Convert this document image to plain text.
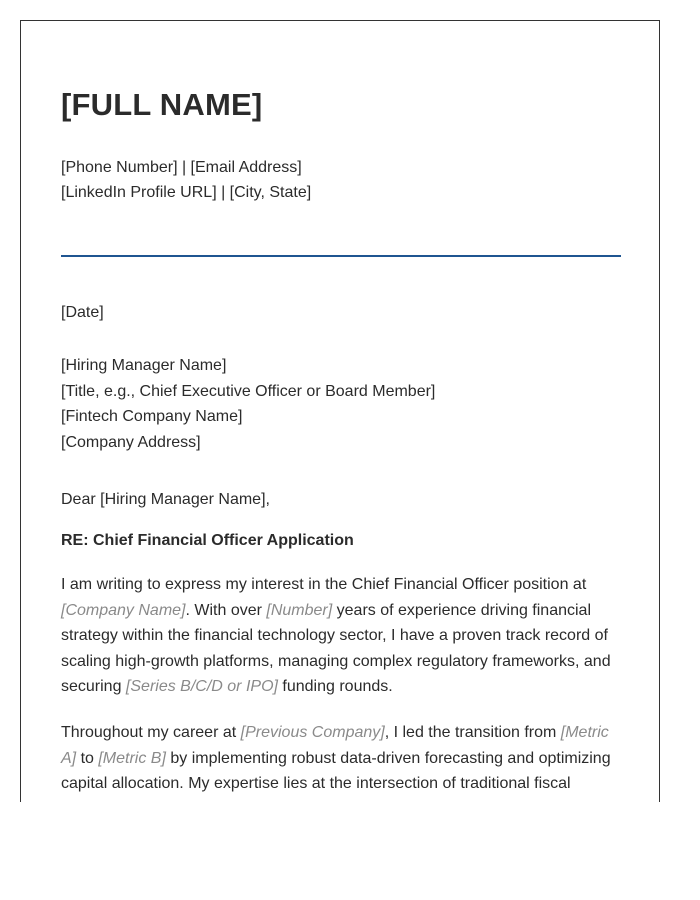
[FULL NAME]
[Phone Number] | [Email Address]
[LinkedIn Profile URL] | [City, State]
[Date]
[Hiring Manager Name]
[Title, e.g., Chief Executive Officer or Board Member]
[Fintech Company Name]
[Company Address]
Dear [Hiring Manager Name],
RE: Chief Financial Officer Application
I am writing to express my interest in the Chief Financial Officer position at
[Company Name]. With over [Number] years of experience driving financial
strategy within the financial technology sector, I have a proven track record of
scaling high-growth platforms, managing complex regulatory frameworks, and
securing [Series B/C/D or IPO] funding rounds.
Throughout my career at [Previous Company], I led the transition from [Metric
A] to [Metric B] by implementing robust data-driven forecasting and optimizing
capital allocation. My expertise lies at the intersection of traditional fiscal
